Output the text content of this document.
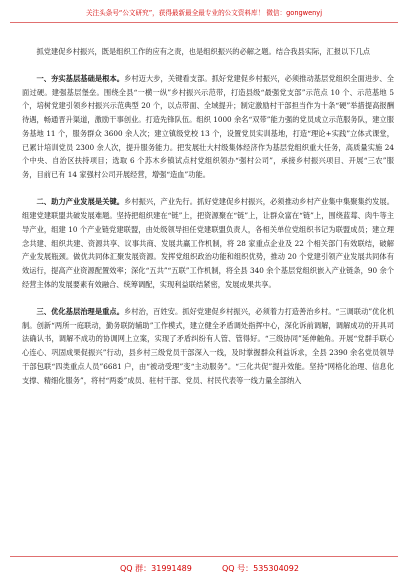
关注头条号“公文研究”，获得最新最全最专业的公文资料库！ 微信：gongwenyj

抓党建促乡村振兴，既是组织工作的应有之责，也是组织振兴的必解之题。结合我县实际，汇报以下几点

一、夯实基层基础是根本。乡村迈大步，关键看支部。抓好党建促乡村振兴，必须推动基层党组织全面进步、全面过硬。建强基层堡垒。围绕全县“一横一纵”乡村振兴示范带，打造县级“最强党支部”示范点 10 个、示范基地 5 个，培树党建引领乡村振兴示范典型 20 个，以点带面、全域提升；制定激励村干部担当作为十条“硬”举措提高报酬待遇，畅通晋升渠道，激励干事创业。打造先锋队伍。组织 1000 余名“双带”能力强的党员成立示范服务队，建立服务基地 11 个，服务群众 3600 余人次；建立镇级党校 13 个，设置党员实训基地，打造“理论+实践”立体式课堂，已累计培训党员 2300 余人次，提升服务能力。把发展壮大村级集体经济作为基层党组织重大任务，高质量实施 24 个中央、自治区扶持项目；选取 6 个苏木乡镇试点村党组织领办“强村公司”，承接乡村振兴项目、开展“三农”服务，目前已有 14 家强村公司开展经营，增强“造血”功能。

二、助力产业发展是关键。乡村振兴，产业先行。抓好党建促乡村振兴，必须推动乡村产业集中集聚集约发展。组建党建联盟共破发展难题。坚持把组织建在“链”上，把资源聚在“链”上，让群众富在“链”上，围绕蓝莓、肉牛等主导产业，组建 10 个产业链党建联盟，由处级领导担任党建联盟负责人，各相关单位党组织书记为联盟成员；建立理念共建、组织共建、资源共享、议事共商、发展共赢工作机制，将 28 家重点企业及 22 个相关部门有效联结，破解产业发展瓶颈。做优共同体汇聚发展资源。发挥党组织政治功能和组织优势，推动 20 个党建引领产业发展共同体有效运行，提高产业资源配置效率；深化“五共”“五联”工作机制，将全县 340 余个基层党组织嵌入产业链条，90 余个经营主体的发展要素有效融合、统筹调配，实现利益联结紧密，发展成果共享。

三、优化基层治理是重点。乡村治，百姓安。抓好党建促乡村振兴，必须着力打造善治乡村。“三调联动”优化机制。创新“两所一庭联动，勤务联防辅助”工作模式，建立健全矛盾调处指挥中心，深化诉前调解，调解成功的开具司法确认书，调解不成功的协调网上立案，实现了矛盾纠纷有人管、管得好。“三级协同”延伸触角。开展“党群手联心心连心、巩固成果促振兴”行动，县乡村三级党员干部深入一线，及时掌握群众利益诉求，全县 2390 余名党员领导干部包联“四类重点人员”6681 户，由“被动受理”变“主动服务”。“三化共促”提升效能。坚持“网格化治理、信息化支撑、精细化服务”，将村“两委”成员、驻村干部、党员、村民代表等一线力量全部纳入

QQ 群：31991489	QQ 号：535304092
